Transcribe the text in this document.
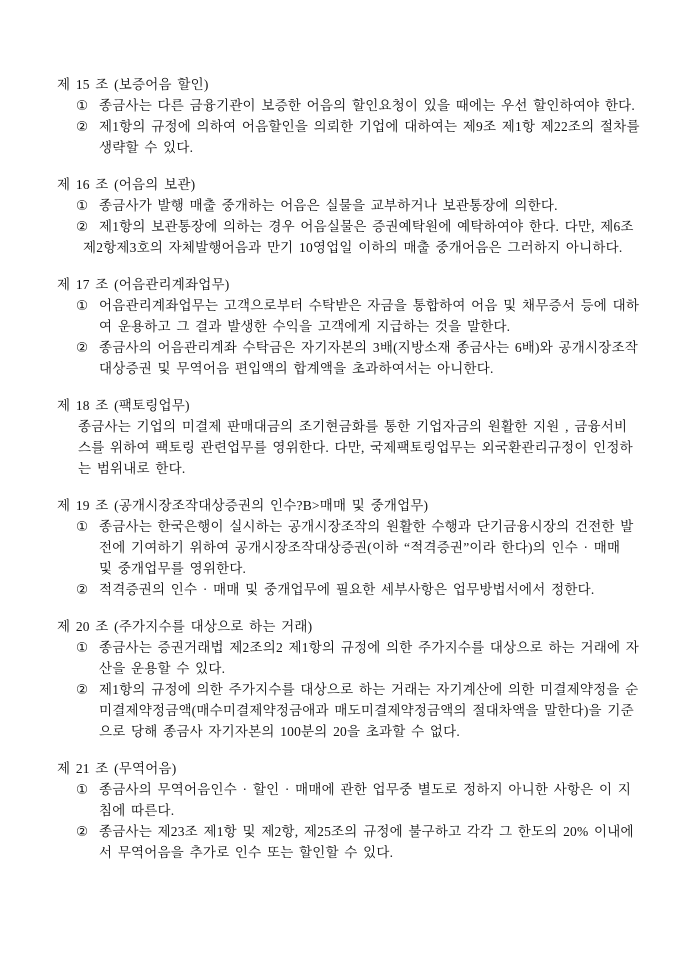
제 15 조 (보증어음 할인)
① 종금사는 다른 금융기관이 보증한 어음의 할인요청이 있을 때에는 우선 할인하여야 한다.
② 제1항의 규정에 의하여 어음할인을 의뢰한 기업에 대하여는 제9조 제1항 제22조의 절차를
생략할 수 있다.
제 16 조 (어음의 보관)
① 종금사가 발행 매출 중개하는 어음은 실물을 교부하거나 보관통장에 의한다.
② 제1항의 보관통장에 의하는 경우 어음실물은 증권예탁원에 예탁하여야 한다. 다만, 제6조
제2항제3호의 자체발행어음과 만기 10영업일 이하의 매출 중개어음은 그러하지 아니하다.
제 17 조 (어음관리계좌업무)
① 어음관리계좌업무는 고객으로부터 수탁받은 자금을 통합하여 어음 및 채무증서 등에 대하
여 운용하고 그 결과 발생한 수익을 고객에게 지급하는 것을 말한다.
② 종금사의 어음관리계좌 수탁금은 자기자본의 3배(지방소재 종금사는 6배)와 공개시장조작
대상증권 및 무역어음 편입액의 합계액을 초과하여서는 아니한다.
제 18 조 (팩토링업무)
종금사는 기업의 미결제 판매대금의 조기현금화를 통한 기업자금의 원활한 지원 , 금융서비
스를 위하여 팩토링 관련업무를 영위한다. 다만, 국제팩토링업무는 외국환관리규정이 인정하
는 범위내로 한다.
제 19 조 (공개시장조작대상증권의 인수?B>매매 및 중개업무)
① 종금사는 한국은행이 실시하는 공개시장조작의 원활한 수행과 단기금융시장의 건전한 발
전에 기여하기 위하여 공개시장조작대상증권(이하 “적격증권”이라 한다)의 인수 · 매매
및 중개업무를 영위한다.
② 적격증권의 인수 · 매매 및 중개업무에 필요한 세부사항은 업무방법서에서 정한다.
제 20 조 (주가지수를 대상으로 하는 거래)
① 종금사는 증권거래법 제2조의2 제1항의 규정에 의한 주가지수를 대상으로 하는 거래에 자
산을 운용할 수 있다.
② 제1항의 규정에 의한 주가지수를 대상으로 하는 거래는 자기계산에 의한 미결제약정을 순
미결제약정금액(매수미결제약정금애과 매도미결제약정금액의 절대차액을 말한다)을 기준
으로 당해 종금사 자기자본의 100분의 20을 초과할 수 없다.
제 21 조 (무역어음)
① 종금사의 무역어음인수 · 할인 · 매매에 관한 업무중 별도로 정하지 아니한 사항은 이 지
침에 따른다.
② 종금사는 제23조 제1항 및 제2항, 제25조의 규정에 불구하고 각각 그 한도의 20% 이내에
서 무역어음을 추가로 인수 또는 할인할 수 있다.
